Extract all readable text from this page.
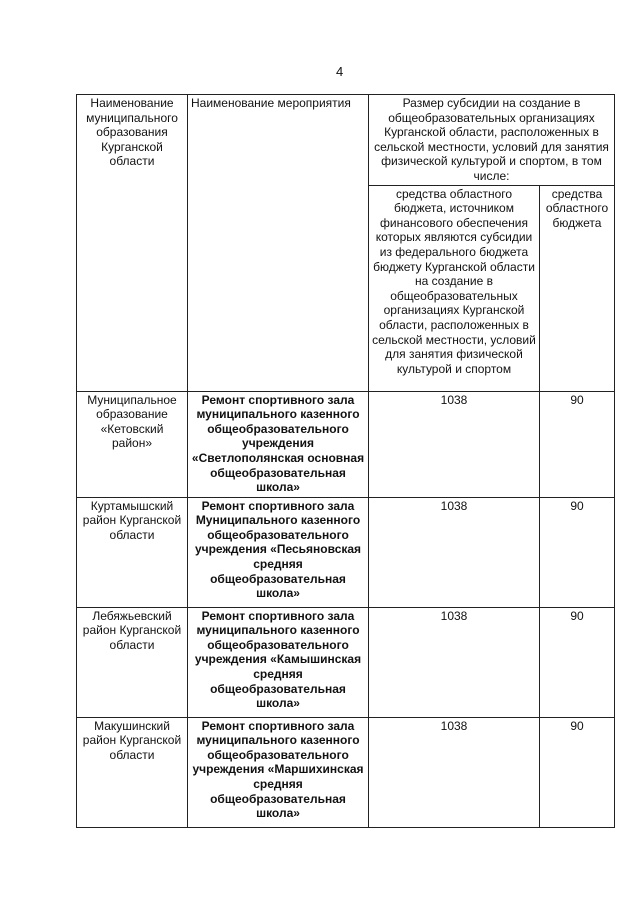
4
Наименование муниципального образования Курганской области	Наименование мероприятия	Размер субсидии на создание в общеобразовательных организациях Курганской области, расположенных в сельской местности, условий для занятия физической культурой и спортом, в том числе:	
		средства областного бюджета, источником финансового обеспечения которых являются субсидии из федерального бюджета бюджету Курганской области на создание в общеобразовательных организациях Курганской области, расположенных в сельской местности, условий для занятия физической культурой и спортом	средства областного бюджета
Муниципальное образование «Кетовский район»	Ремонт спортивного зала муниципального казенного общеобразовательного учреждения «Светлополянская основная общеобразовательная школа»	1038	90
Куртамышский район Курганской области	Ремонт спортивного зала Муниципального казенного общеобразовательного учреждения «Песьяновская средняя общеобразовательная школа»	1038	90
Лебяжьевский район Курганской области	Ремонт спортивного зала муниципального казенного общеобразовательного учреждения «Камышинская средняя общеобразовательная школа»	1038	90
Макушинский район Курганской области	Ремонт спортивного зала муниципального казенного общеобразовательного учреждения «Маршихинская средняя общеобразовательная школа»	1038	90
